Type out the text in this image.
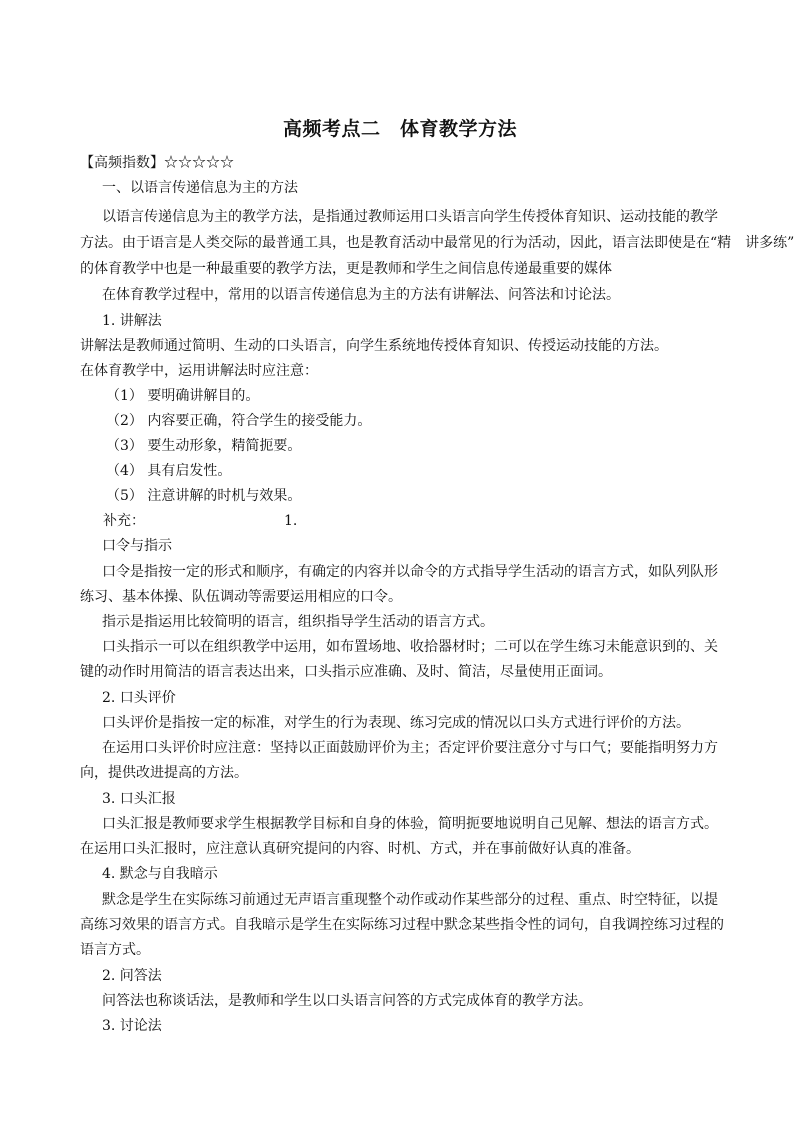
高频考点二　体育教学方法
【高频指数】☆☆☆☆☆
一、以语言传递信息为主的方法
以语言传递信息为主的教学方法，是指通过教师运用口头语言向学生传授体育知识、运动技能的教学
方法。由于语言是人类交际的最普通工具，也是教育活动中最常见的行为活动，因此，语言法即使是在“精　讲多练”
的体育教学中也是一种最重要的教学方法，更是教师和学生之间信息传递最重要的媒体
在体育教学过程中，常用的以语言传递信息为主的方法有讲解法、问答法和讨论法。
1. 讲解法
讲解法是教师通过简明、生动的口头语言，向学生系统地传授体育知识、传授运动技能的方法。
在体育教学中，运用讲解法时应注意：
（1） 要明确讲解目的。
（2） 内容要正确，符合学生的接受能力。
（3） 要生动形象，精简扼要。
（4） 具有启发性。
（5） 注意讲解的时机与效果。
补充：	1.
口令与指示
口令是指按一定的形式和顺序，有确定的内容并以命令的方式指导学生活动的语言方式，如队列队形
练习、基本体操、队伍调动等需要运用相应的口令。
指示是指运用比较简明的语言，组织指导学生活动的语言方式。
口头指示一可以在组织教学中运用，如布置场地、收拾器材时；二可以在学生练习未能意识到的、关
键的动作时用简洁的语言表达出来，口头指示应准确、及时、简洁，尽量使用正面词。
2. 口头评价
口头评价是指按一定的标准，对学生的行为表现、练习完成的情况以口头方式进行评价的方法。
在运用口头评价时应注意：坚持以正面鼓励评价为主；否定评价要注意分寸与口气；要能指明努力方
向，提供改进提高的方法。
3. 口头汇报
口头汇报是教师要求学生根据教学目标和自身的体验，简明扼要地说明自己见解、想法的语言方式。
在运用口头汇报时，应注意认真研究提问的内容、时机、方式，并在事前做好认真的准备。
4. 默念与自我暗示
默念是学生在实际练习前通过无声语言重现整个动作或动作某些部分的过程、重点、时空特征，以提
高练习效果的语言方式。自我暗示是学生在实际练习过程中默念某些指令性的词句，自我调控练习过程的
语言方式。
2. 问答法
问答法也称谈话法，是教师和学生以口头语言问答的方式完成体育的教学方法。
3. 讨论法
